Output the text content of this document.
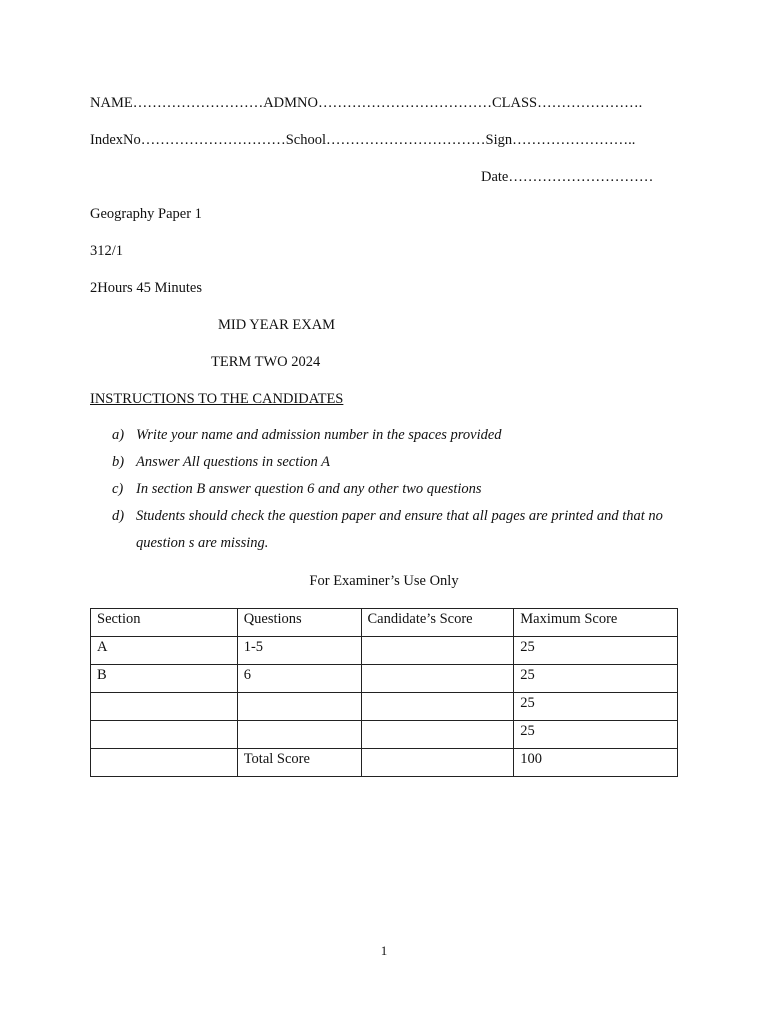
NAME………………………ADMNO………………………………CLASS………………….
IndexNo…………………………School……………………………Sign……………………..
Date…………………………
Geography Paper 1
312/1
2Hours 45 Minutes
MID YEAR EXAM
TERM TWO 2024
INSTRUCTIONS TO THE CANDIDATES
a) Write your name and admission number in the spaces provided
b) Answer All questions in section A
c) In section B answer question 6 and any other two questions
d) Students should check the question paper and ensure that all pages are printed and that no question s are missing.
For Examiner’s Use Only
Section	Questions	Candidate’s Score	Maximum Score
A	1-5		25
B	6		25
			25
			25
	Total Score		100
1
